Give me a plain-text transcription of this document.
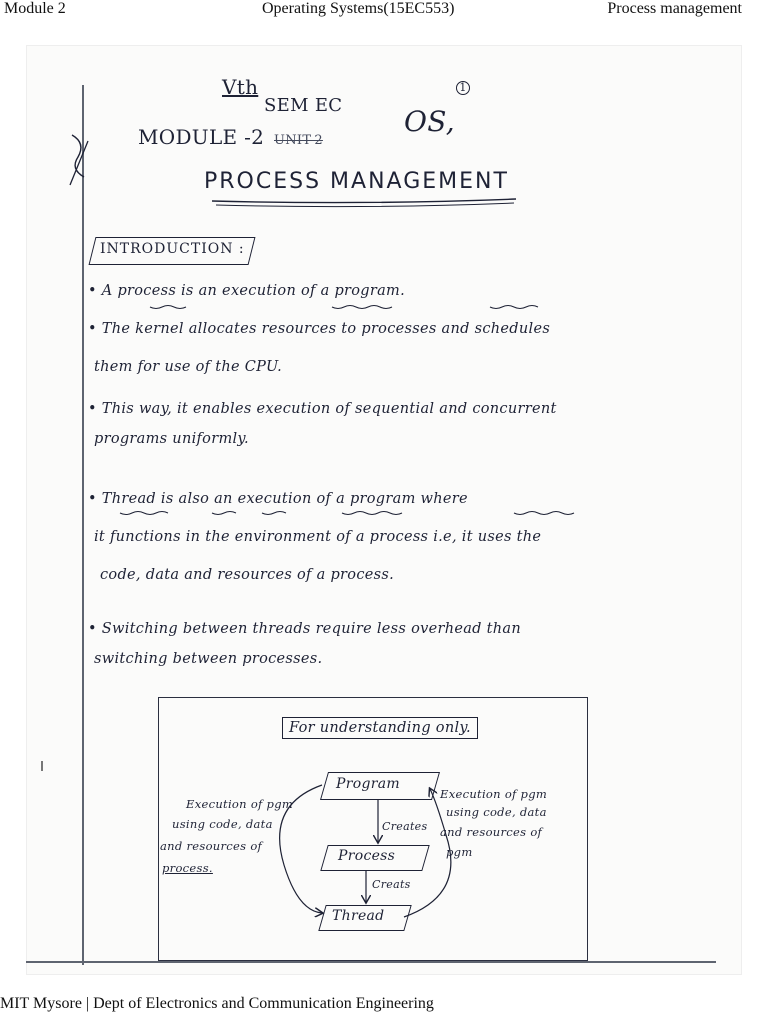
Module 2	Operating Systems(15EC553)	Process management
Vth
SEM EC
MODULE -2 UNIT-2
OS,
1
PROCESS MANAGEMENT
INTRODUCTION :
• A process is an execution of a program.
• The kernel allocates resources to processes and schedules
them for use of the CPU.
• This way, it enables execution of sequential and concurrent
programs uniformly.
• Thread is also an execution of a program where
it functions in the environment of a process i.e, it uses the
code, data and resources of a process.
• Switching between threads require less overhead than
switching between processes.
For understanding only.
Program
Process
Thread
Creates
Creats
Execution of pgm
using code, data
and resources of
process.
Execution of pgm
using code, data
and resources of
pgm
MIT Mysore | Dept of Electronics and Communication Engineering
